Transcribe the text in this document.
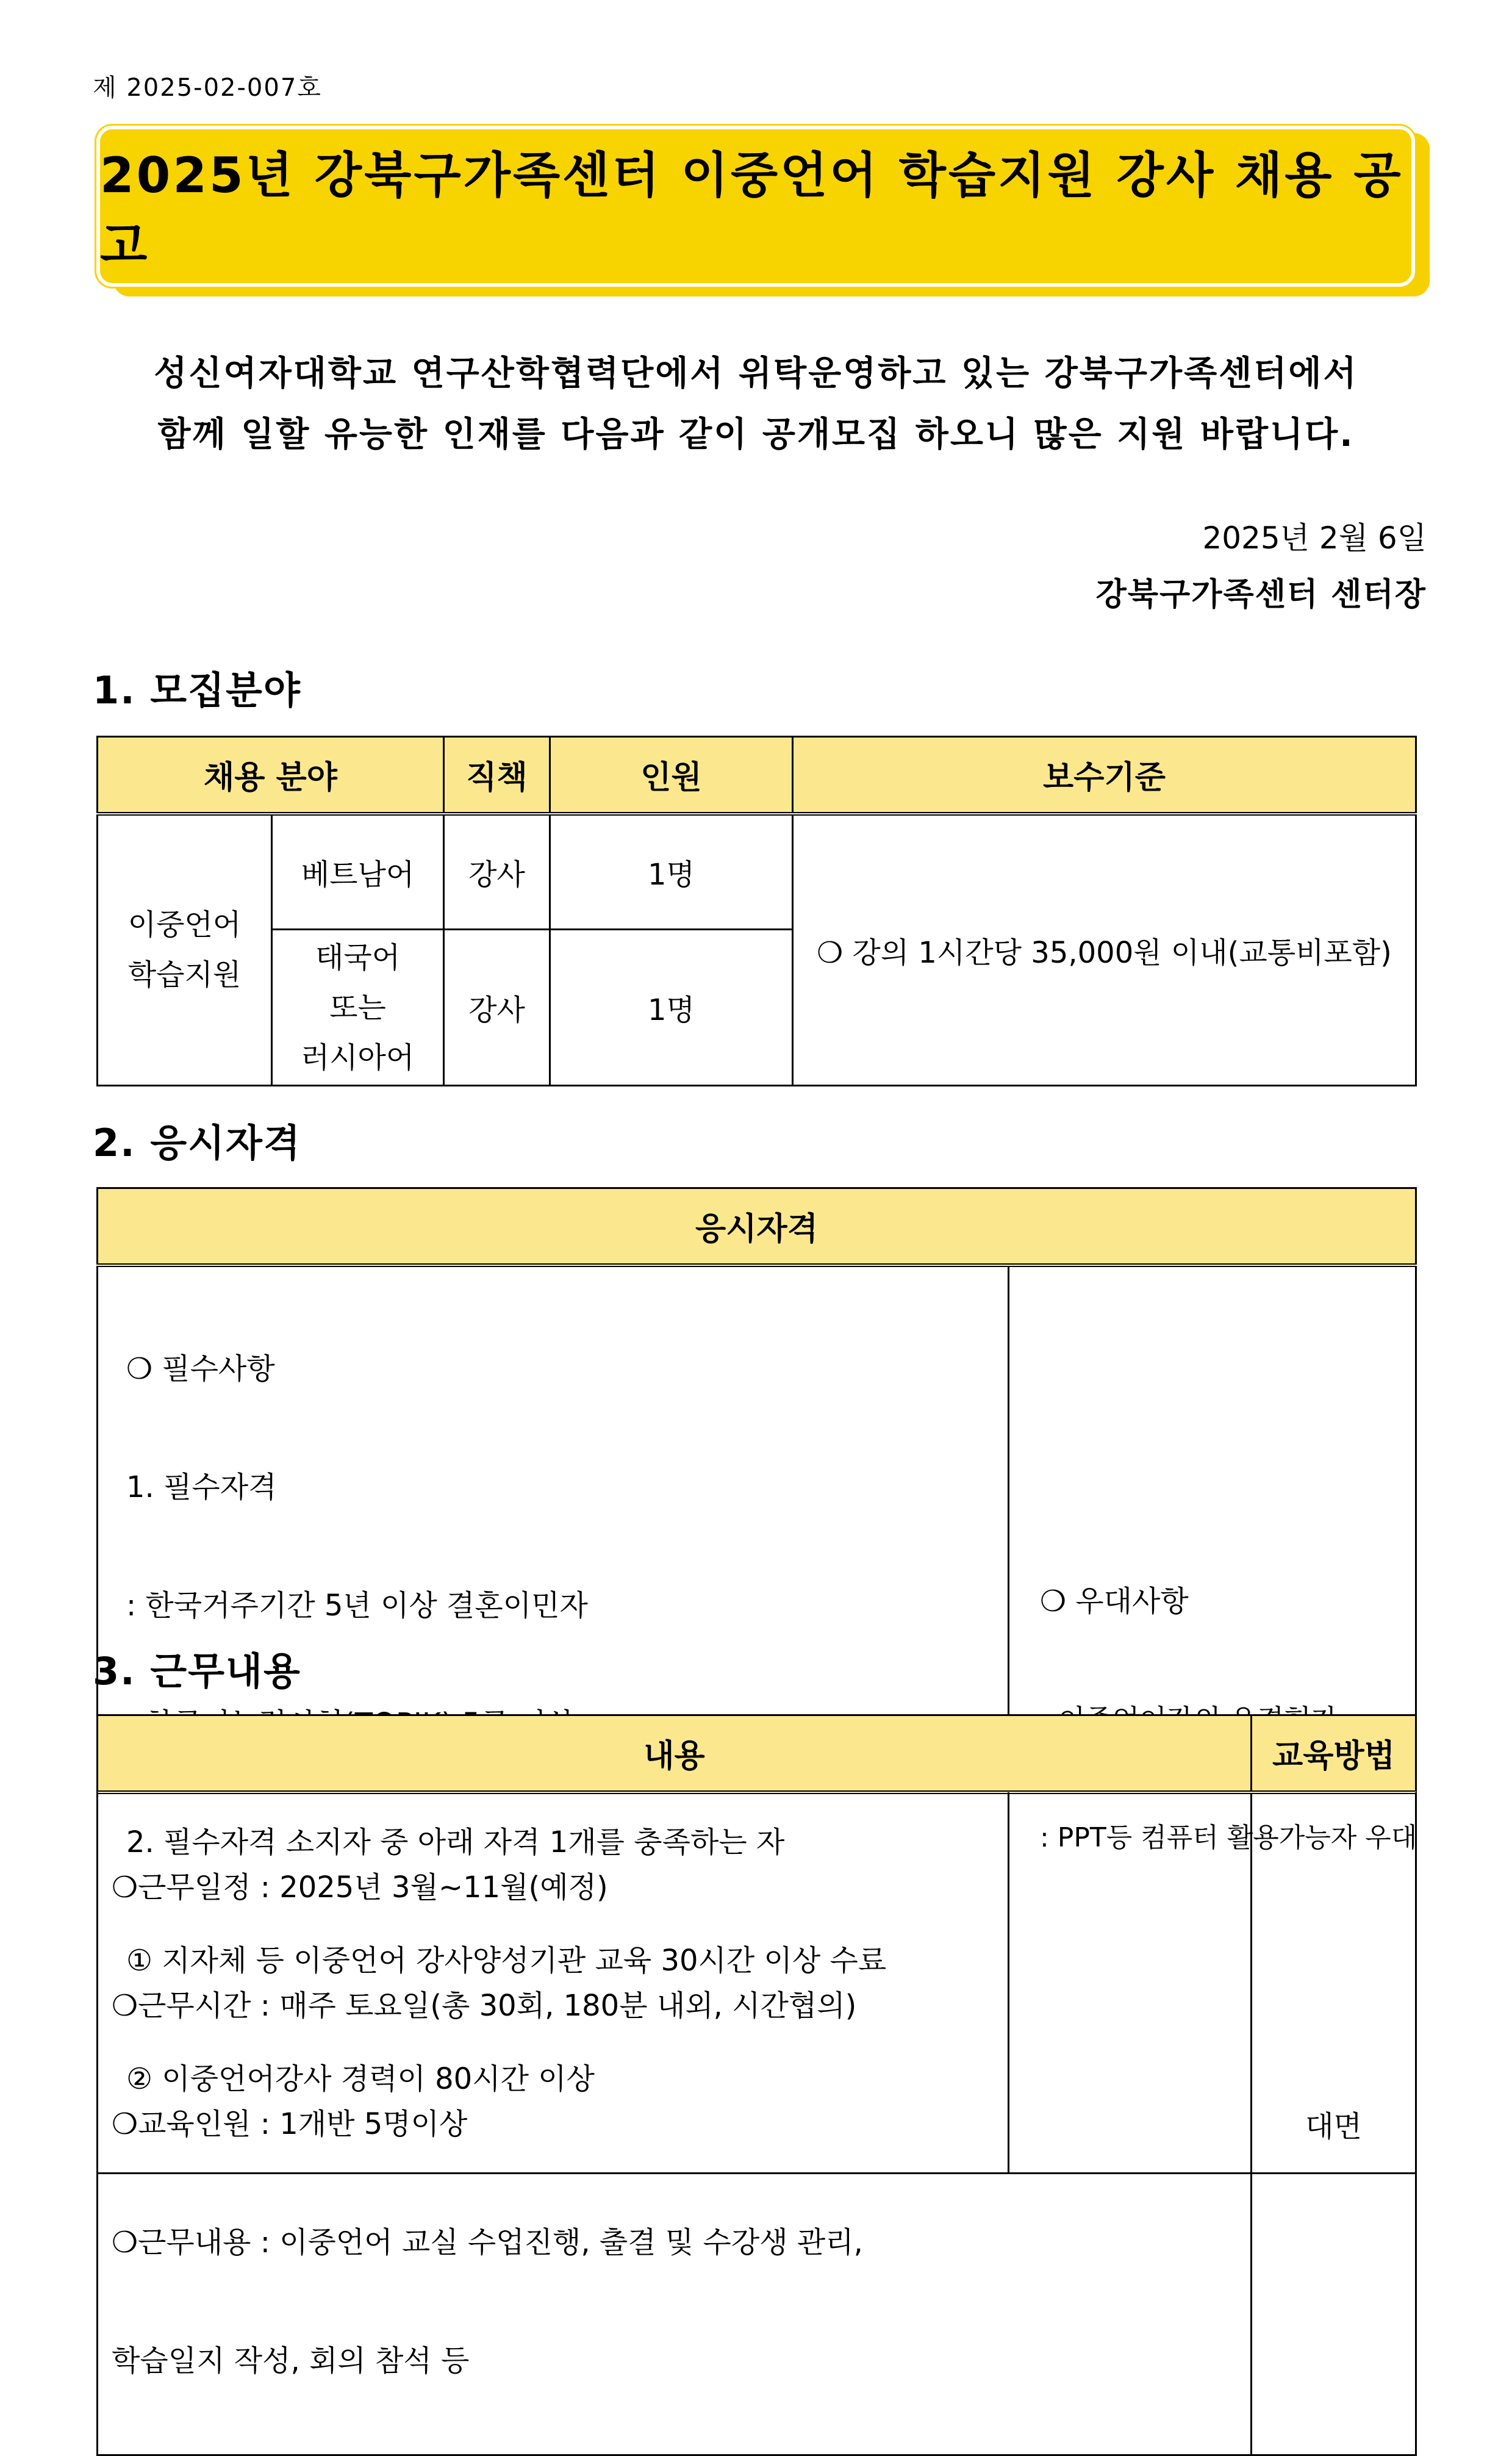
제 2025-02-007호
2025년 강북구가족센터 이중언어 학습지원 강사 채용 공고
성신여자대학교 연구산학협력단에서 위탁운영하고 있는 강북구가족센터에서
함께 일할 유능한 인재를 다음과 같이 공개모집 하오니 많은 지원 바랍니다.
2025년 2월 6일
강북구가족센터 센터장
1. 모집분야
채용 분야		직책	인원	보수기준

이중언어
학습지원	베트남어	강사	1명	❍ 강의 1시간당 35,000원 이내(교통비포함)

	태국어
또는
러시아어	강사	1명	
2. 응시자격
응시자격

❍ 필수사항

1. 필수자격

: 한국거주기간 5년 이상 결혼이민자

2. 필수자격 소지자 중 아래 자격 1개를 충족하는 자

① 지자체 등 이중언어 강사양성기관 교육 30시간 이상 수료

② 이중언어강사 경력이 80시간 이상

❍ 우대사항

: PPT등 컴퓨터 활용가능자 우대

3. 근무내용
내용	교육방법

❍근무일정 : 2025년 3월~11월(예정)

❍근무시간 : 매주 토요일(총 30회, 180분 내외, 시간협의)

❍교육인원 : 1개반 5명이상

❍근무내용 : 이중언어 교실 수업진행, 출결 및 수강생 관리,

학습일지 작성, 회의 참석 등	대면
